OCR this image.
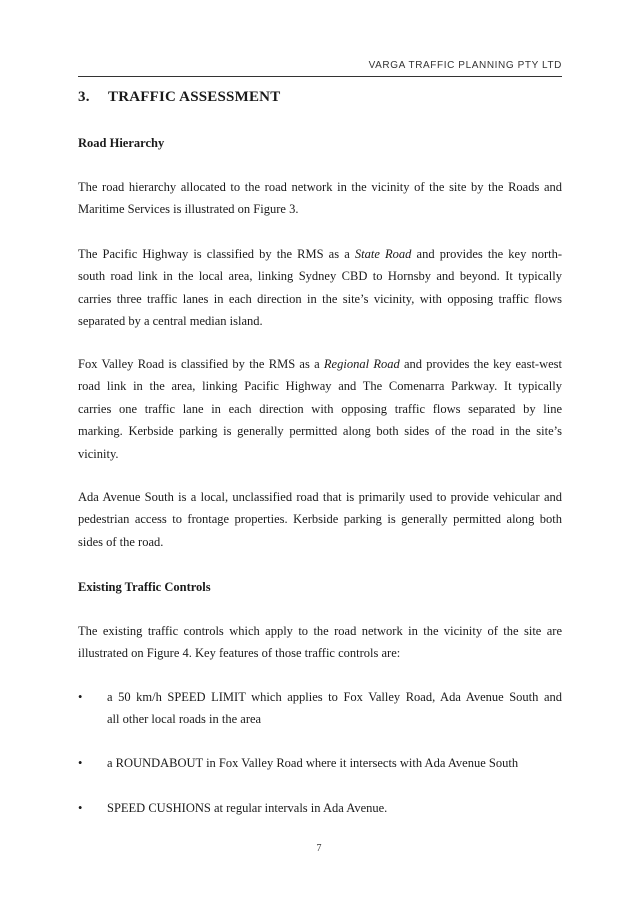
VARGA TRAFFIC PLANNING PTY LTD
3. TRAFFIC ASSESSMENT
Road Hierarchy
The road hierarchy allocated to the road network in the vicinity of the site by the Roads and
Maritime Services is illustrated on Figure 3.
The Pacific Highway is classified by the RMS as a State Road and provides the key north-
south road link in the local area, linking Sydney CBD to Hornsby and beyond. It typically
carries three traffic lanes in each direction in the site’s vicinity, with opposing traffic flows
separated by a central median island.
Fox Valley Road is classified by the RMS as a Regional Road and provides the key east-west
road link in the area, linking Pacific Highway and The Comenarra Parkway. It typically
carries one traffic lane in each direction with opposing traffic flows separated by line
marking. Kerbside parking is generally permitted along both sides of the road in the site’s
vicinity.
Ada Avenue South is a local, unclassified road that is primarily used to provide vehicular and
pedestrian access to frontage properties. Kerbside parking is generally permitted along both
sides of the road.
Existing Traffic Controls
The existing traffic controls which apply to the road network in the vicinity of the site are
illustrated on Figure 4. Key features of those traffic controls are:
•	a 50 km/h SPEED LIMIT which applies to Fox Valley Road, Ada Avenue South and
all other local roads in the area
•	a ROUNDABOUT in Fox Valley Road where it intersects with Ada Avenue South
•	SPEED CUSHIONS at regular intervals in Ada Avenue.
7
